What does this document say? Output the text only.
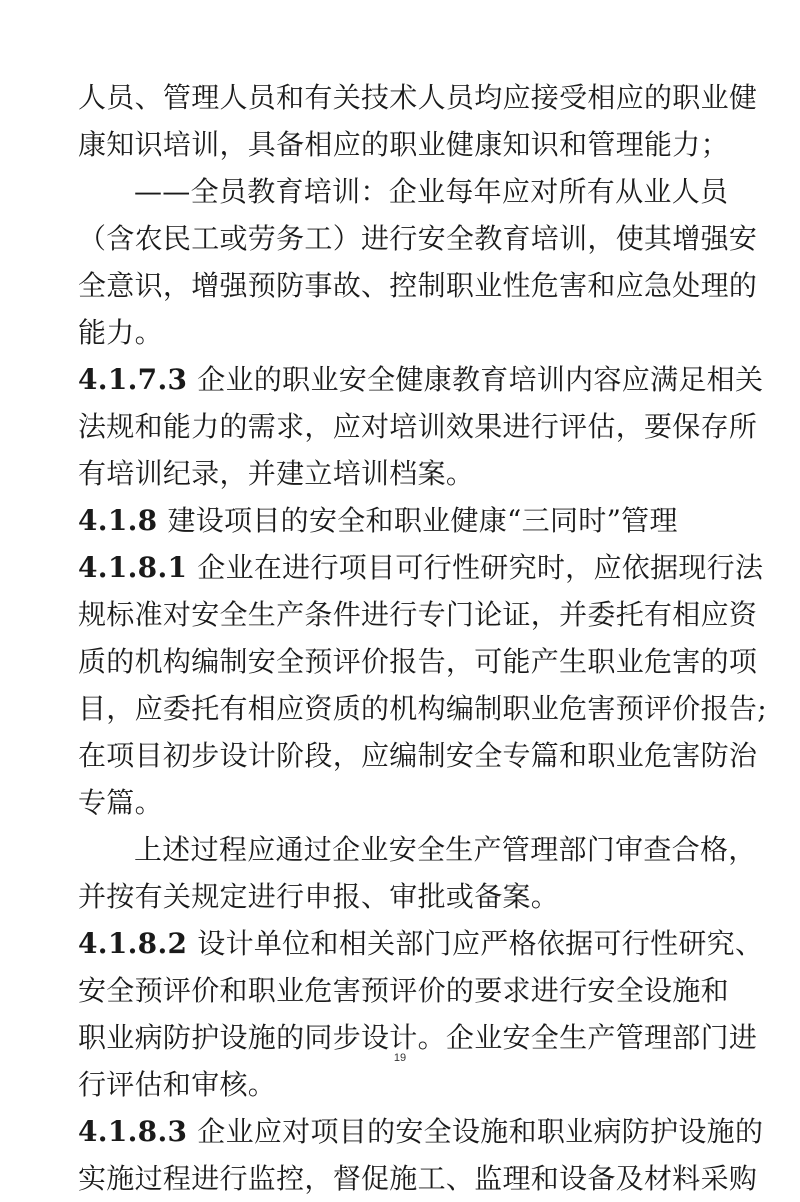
人员、管理人员和有关技术人员均应接受相应的职业健
康知识培训，具备相应的职业健康知识和管理能力；
——全员教育培训：企业每年应对所有从业人员
（含农民工或劳务工）进行安全教育培训，使其增强安
全意识，增强预防事故、控制职业性危害和应急处理的
能力。
4.1.7.3 企业的职业安全健康教育培训内容应满足相关
法规和能力的需求，应对培训效果进行评估，要保存所
有培训纪录，并建立培训档案。
4.1.8 建设项目的安全和职业健康“三同时”管理
4.1.8.1 企业在进行项目可行性研究时，应依据现行法
规标准对安全生产条件进行专门论证，并委托有相应资
质的机构编制安全预评价报告，可能产生职业危害的项
目，应委托有相应资质的机构编制职业危害预评价报告;
在项目初步设计阶段，应编制安全专篇和职业危害防治
专篇。
上述过程应通过企业安全生产管理部门审查合格，
并按有关规定进行申报、审批或备案。
4.1.8.2 设计单位和相关部门应严格依据可行性研究、
安全预评价和职业危害预评价的要求进行安全设施和
职业病防护设施的同步设计。企业安全生产管理部门进
行评估和审核。
4.1.8.3 企业应对项目的安全设施和职业病防护设施的
实施过程进行监控，督促施工、监理和设备及材料采购
19
